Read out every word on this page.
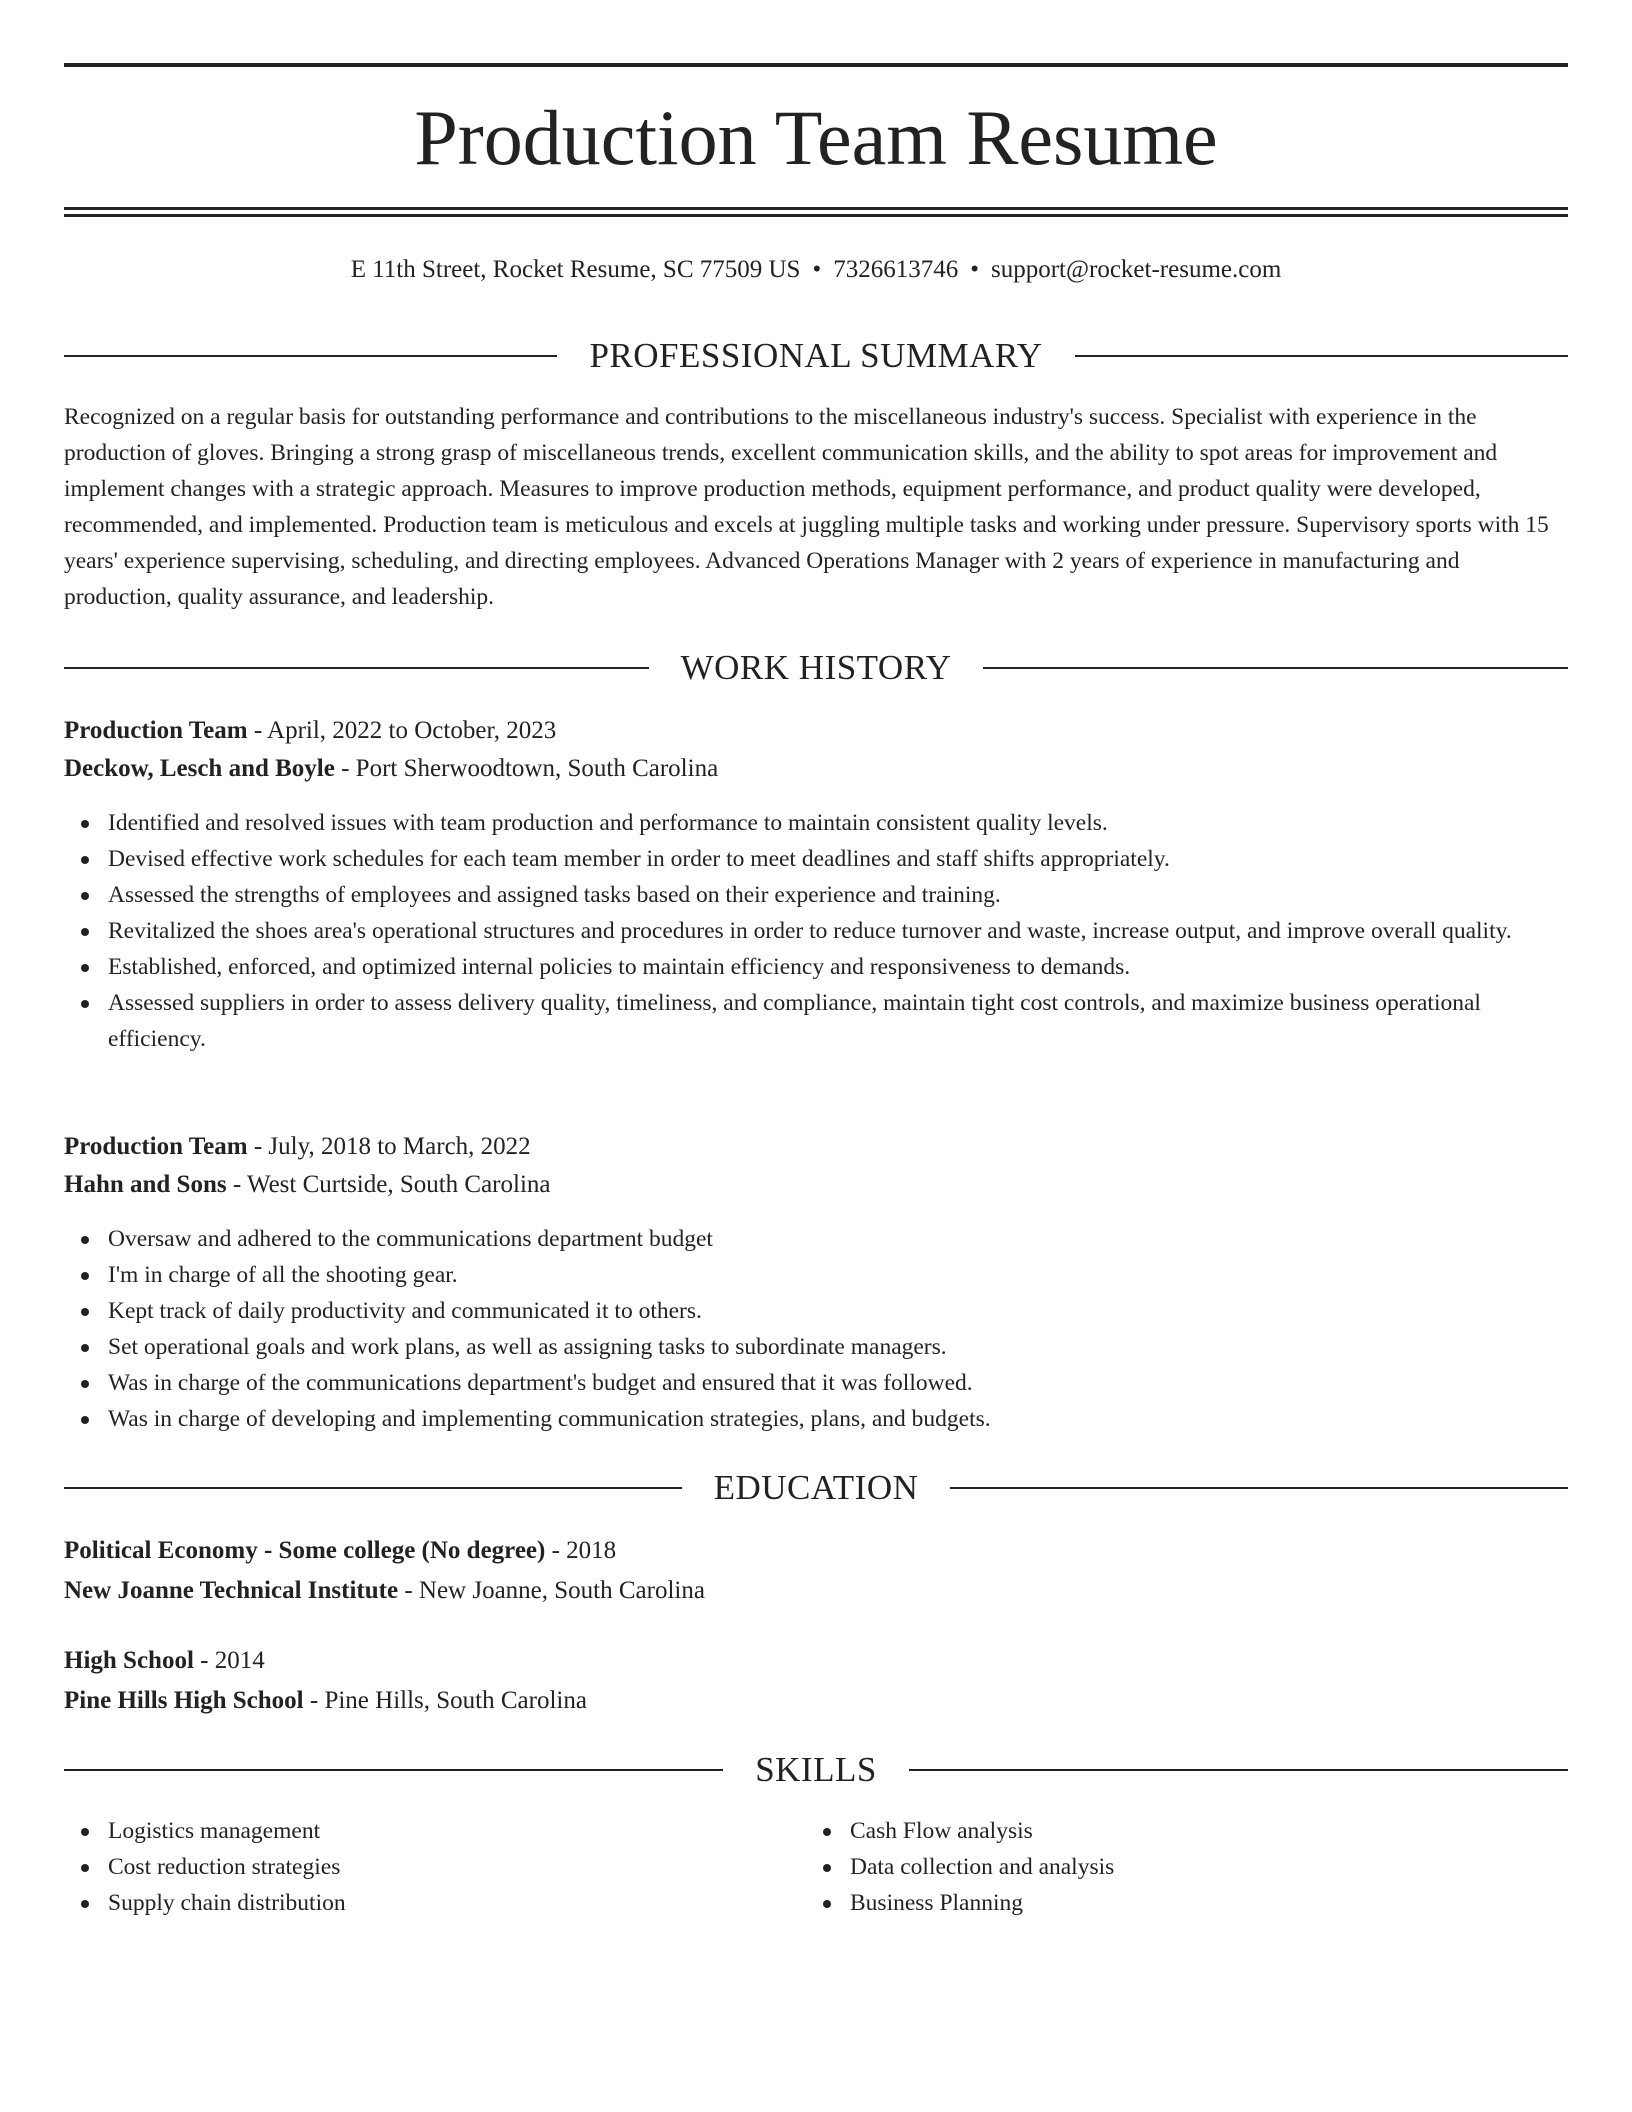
Production Team Resume
E 11th Street, Rocket Resume, SC 77509 US • 7326613746 • support@rocket-resume.com
PROFESSIONAL SUMMARY
Recognized on a regular basis for outstanding performance and contributions to the miscellaneous industry's success. Specialist with experience in the production of gloves. Bringing a strong grasp of miscellaneous trends, excellent communication skills, and the ability to spot areas for improvement and implement changes with a strategic approach. Measures to improve production methods, equipment performance, and product quality were developed, recommended, and implemented. Production team is meticulous and excels at juggling multiple tasks and working under pressure. Supervisory sports with 15 years' experience supervising, scheduling, and directing employees. Advanced Operations Manager with 2 years of experience in manufacturing and production, quality assurance, and leadership.
WORK HISTORY
Production Team - April, 2022 to October, 2023
Deckow, Lesch and Boyle - Port Sherwoodtown, South Carolina
Identified and resolved issues with team production and performance to maintain consistent quality levels.
Devised effective work schedules for each team member in order to meet deadlines and staff shifts appropriately.
Assessed the strengths of employees and assigned tasks based on their experience and training.
Revitalized the shoes area's operational structures and procedures in order to reduce turnover and waste, increase output, and improve overall quality.
Established, enforced, and optimized internal policies to maintain efficiency and responsiveness to demands.
Assessed suppliers in order to assess delivery quality, timeliness, and compliance, maintain tight cost controls, and maximize business operational efficiency.
Production Team - July, 2018 to March, 2022
Hahn and Sons - West Curtside, South Carolina
Oversaw and adhered to the communications department budget
I'm in charge of all the shooting gear.
Kept track of daily productivity and communicated it to others.
Set operational goals and work plans, as well as assigning tasks to subordinate managers.
Was in charge of the communications department's budget and ensured that it was followed.
Was in charge of developing and implementing communication strategies, plans, and budgets.
EDUCATION
Political Economy - Some college (No degree) - 2018
New Joanne Technical Institute - New Joanne, South Carolina
High School - 2014
Pine Hills High School - Pine Hills, South Carolina
SKILLS
Logistics management
Cost reduction strategies
Supply chain distribution
Cash Flow analysis
Data collection and analysis
Business Planning
